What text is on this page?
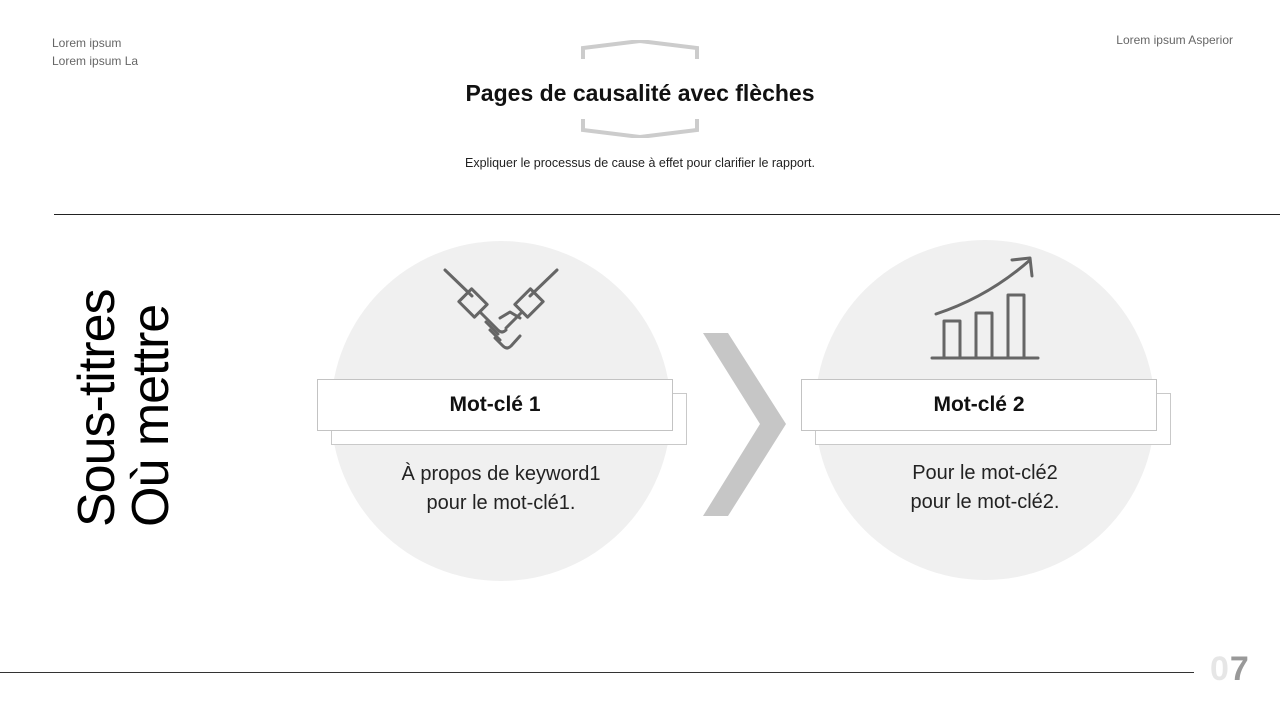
Lorem ipsum
Lorem ipsum La
Lorem ipsum Asperior
Pages de causalité avec flèches
Expliquer le processus de cause à effet pour clarifier le rapport.
Sous-titres
Où mettre	Mot-clé 1
À propos de keyword1
pour le mot-clé1.
Mot-clé 2
Pour le mot-clé2
pour le mot-clé2.
07
